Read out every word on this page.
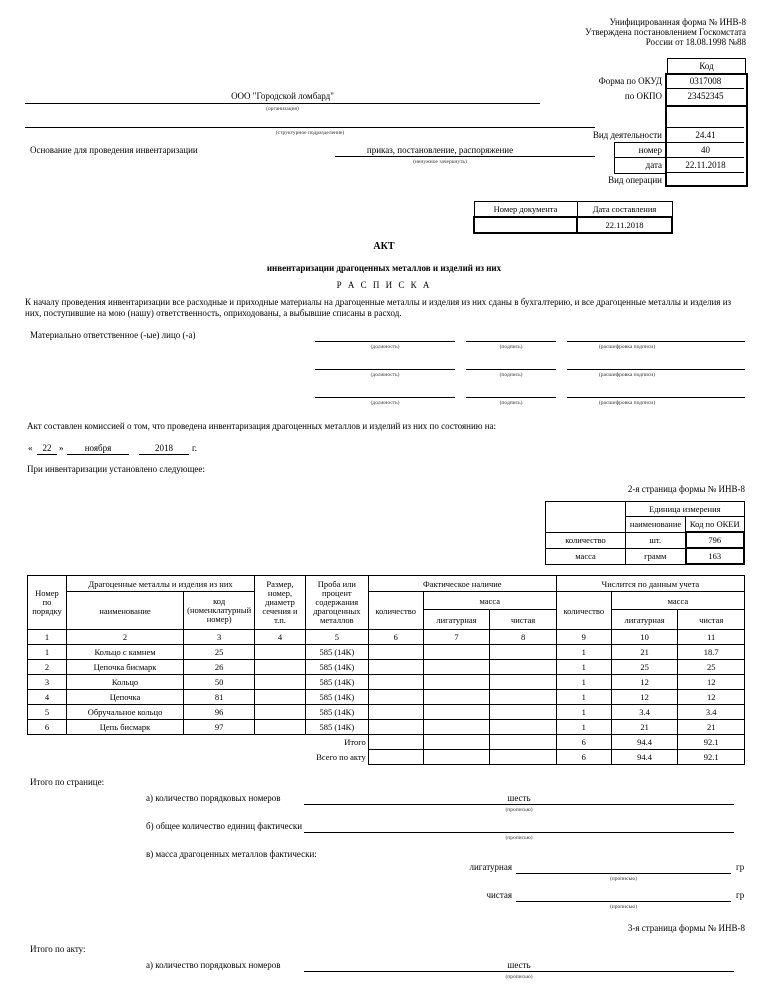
Унифицированная форма № ИНВ-8
Утверждена постановлением Госкомстата
России от 18.08.1998 №88
Код
Форма по ОКУД	0317008
по ОКПО	23452345
Вид деятельности	24.41
номер	40
дата	22.11.2018
Вид операции
ООО "Городской ломбард"
(организация)
(структурное подразделение)
Основание для проведения инвентаризации	приказ, постановление, распоряжение
(ненужное зачеркнуть)
Номер документа	Дата составления
	22.11.2018
АКТ
инвентаризации драгоценных металлов и изделий из них
Р А С П И С К А
К началу проведения инвентаризации все расходные и приходные материалы на драгоценные металлы и изделия из них сданы в бухгалтерию, и все драгоценные металлы и изделия из них, поступившие на мою (нашу) ответственность, оприходованы, а выбывшие списаны в расход.
Материально ответственное (-ые) лицо (-а)
(должность)	(подпись)	(расшифровка подписи)
(должность)	(подпись)	(расшифровка подписи)
(должность)	(подпись)	(расшифровка подписи)
Акт составлен комиссией о том, что проведена инвентаризация драгоценных металлов и изделий из них по состоянию на:
«	22 »	ноября	2018	г.
При инвентаризации установлено следующее:
2-я страница формы № ИНВ-8
	Единица измерения	
	наименование	Код по ОКЕИ
количество	шт.	796
масса	грамм	163
Номер по порядку	Драгоценные металлы и изделия из них		Размер, номер, диаметр сечения и т.п.	Проба или процент содержания драгоценных металлов	Фактическое наличие			Числится по данным учета		
	наименование	код (номенклатурный номер)			количество	масса		количество	масса	
						лигатурная	чистая		лигатурная	чистая
1	2	3	4	5	6	7	8	9	10	11
1	Кольцо с камнем	25		585 (14К)				1	21	18.7
2	Цепочка бисмарк	26		585 (14К)				1	25	25
3	Кольцо	50		585 (14К)				1	12	12
4	Цепочка	81		585 (14К)				1	12	12
5	Обручальное кольцо	96		585 (14К)				1	3.4	3.4
6	Цепь бисмарк	97		585 (14К)				1	21	21
Итого								6	94.4	92.1
Всего по акту								6	94.4	92.1
Итого по странице:
а) количество порядковых номеров	шесть
(прописью)
б) общее количество единиц фактически
(прописью)
в) масса драгоценных металлов фактически:
лигатурная	гр
(прописью)
чистая	гр
(прописью)
3-я страница формы № ИНВ-8
Итого по акту:
а) количество порядковых номеров	шесть
(прописью)
